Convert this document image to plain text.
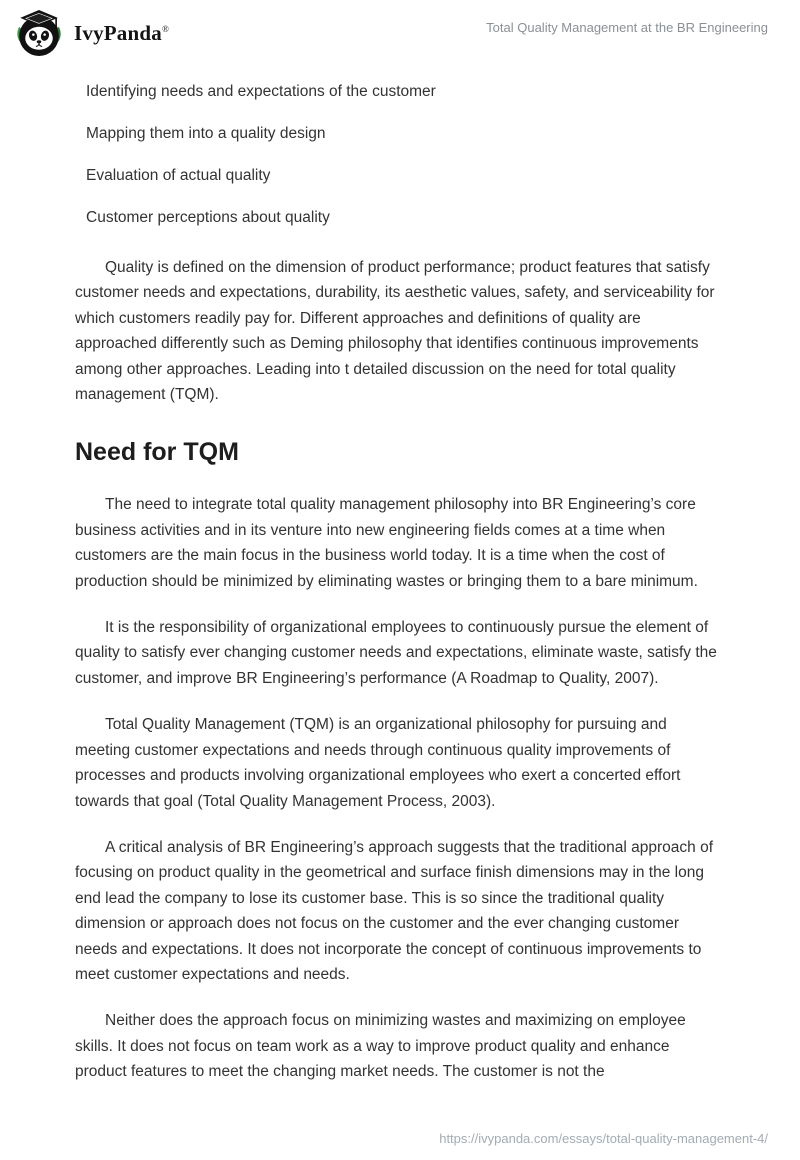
IvyPanda®	Total Quality Management at the BR Engineering
Identifying needs and expectations of the customer
Mapping them into a quality design
Evaluation of actual quality
Customer perceptions about quality

Quality is defined on the dimension of product performance; product features that satisfy customer needs and expectations, durability, its aesthetic values, safety, and serviceability for which customers readily pay for. Different approaches and definitions of quality are approached differently such as Deming philosophy that identifies continuous improvements among other approaches. Leading into t detailed discussion on the need for total quality management (TQM).

Need for TQM

The need to integrate total quality management philosophy into BR Engineering’s core business activities and in its venture into new engineering fields comes at a time when customers are the main focus in the business world today. It is a time when the cost of production should be minimized by eliminating wastes or bringing them to a bare minimum.

It is the responsibility of organizational employees to continuously pursue the element of quality to satisfy ever changing customer needs and expectations, eliminate waste, satisfy the customer, and improve BR Engineering’s performance (A Roadmap to Quality, 2007).

Total Quality Management (TQM) is an organizational philosophy for pursuing and meeting customer expectations and needs through continuous quality improvements of processes and products involving organizational employees who exert a concerted effort towards that goal (Total Quality Management Process, 2003).

A critical analysis of BR Engineering’s approach suggests that the traditional approach of focusing on product quality in the geometrical and surface finish dimensions may in the long end lead the company to lose its customer base. This is so since the traditional quality dimension or approach does not focus on the customer and the ever changing customer needs and expectations. It does not incorporate the concept of continuous improvements to meet customer expectations and needs.

Neither does the approach focus on minimizing wastes and maximizing on employee skills. It does not focus on team work as a way to improve product quality and enhance product features to meet the changing market needs. The customer is not the

https://ivypanda.com/essays/total-quality-management-4/
